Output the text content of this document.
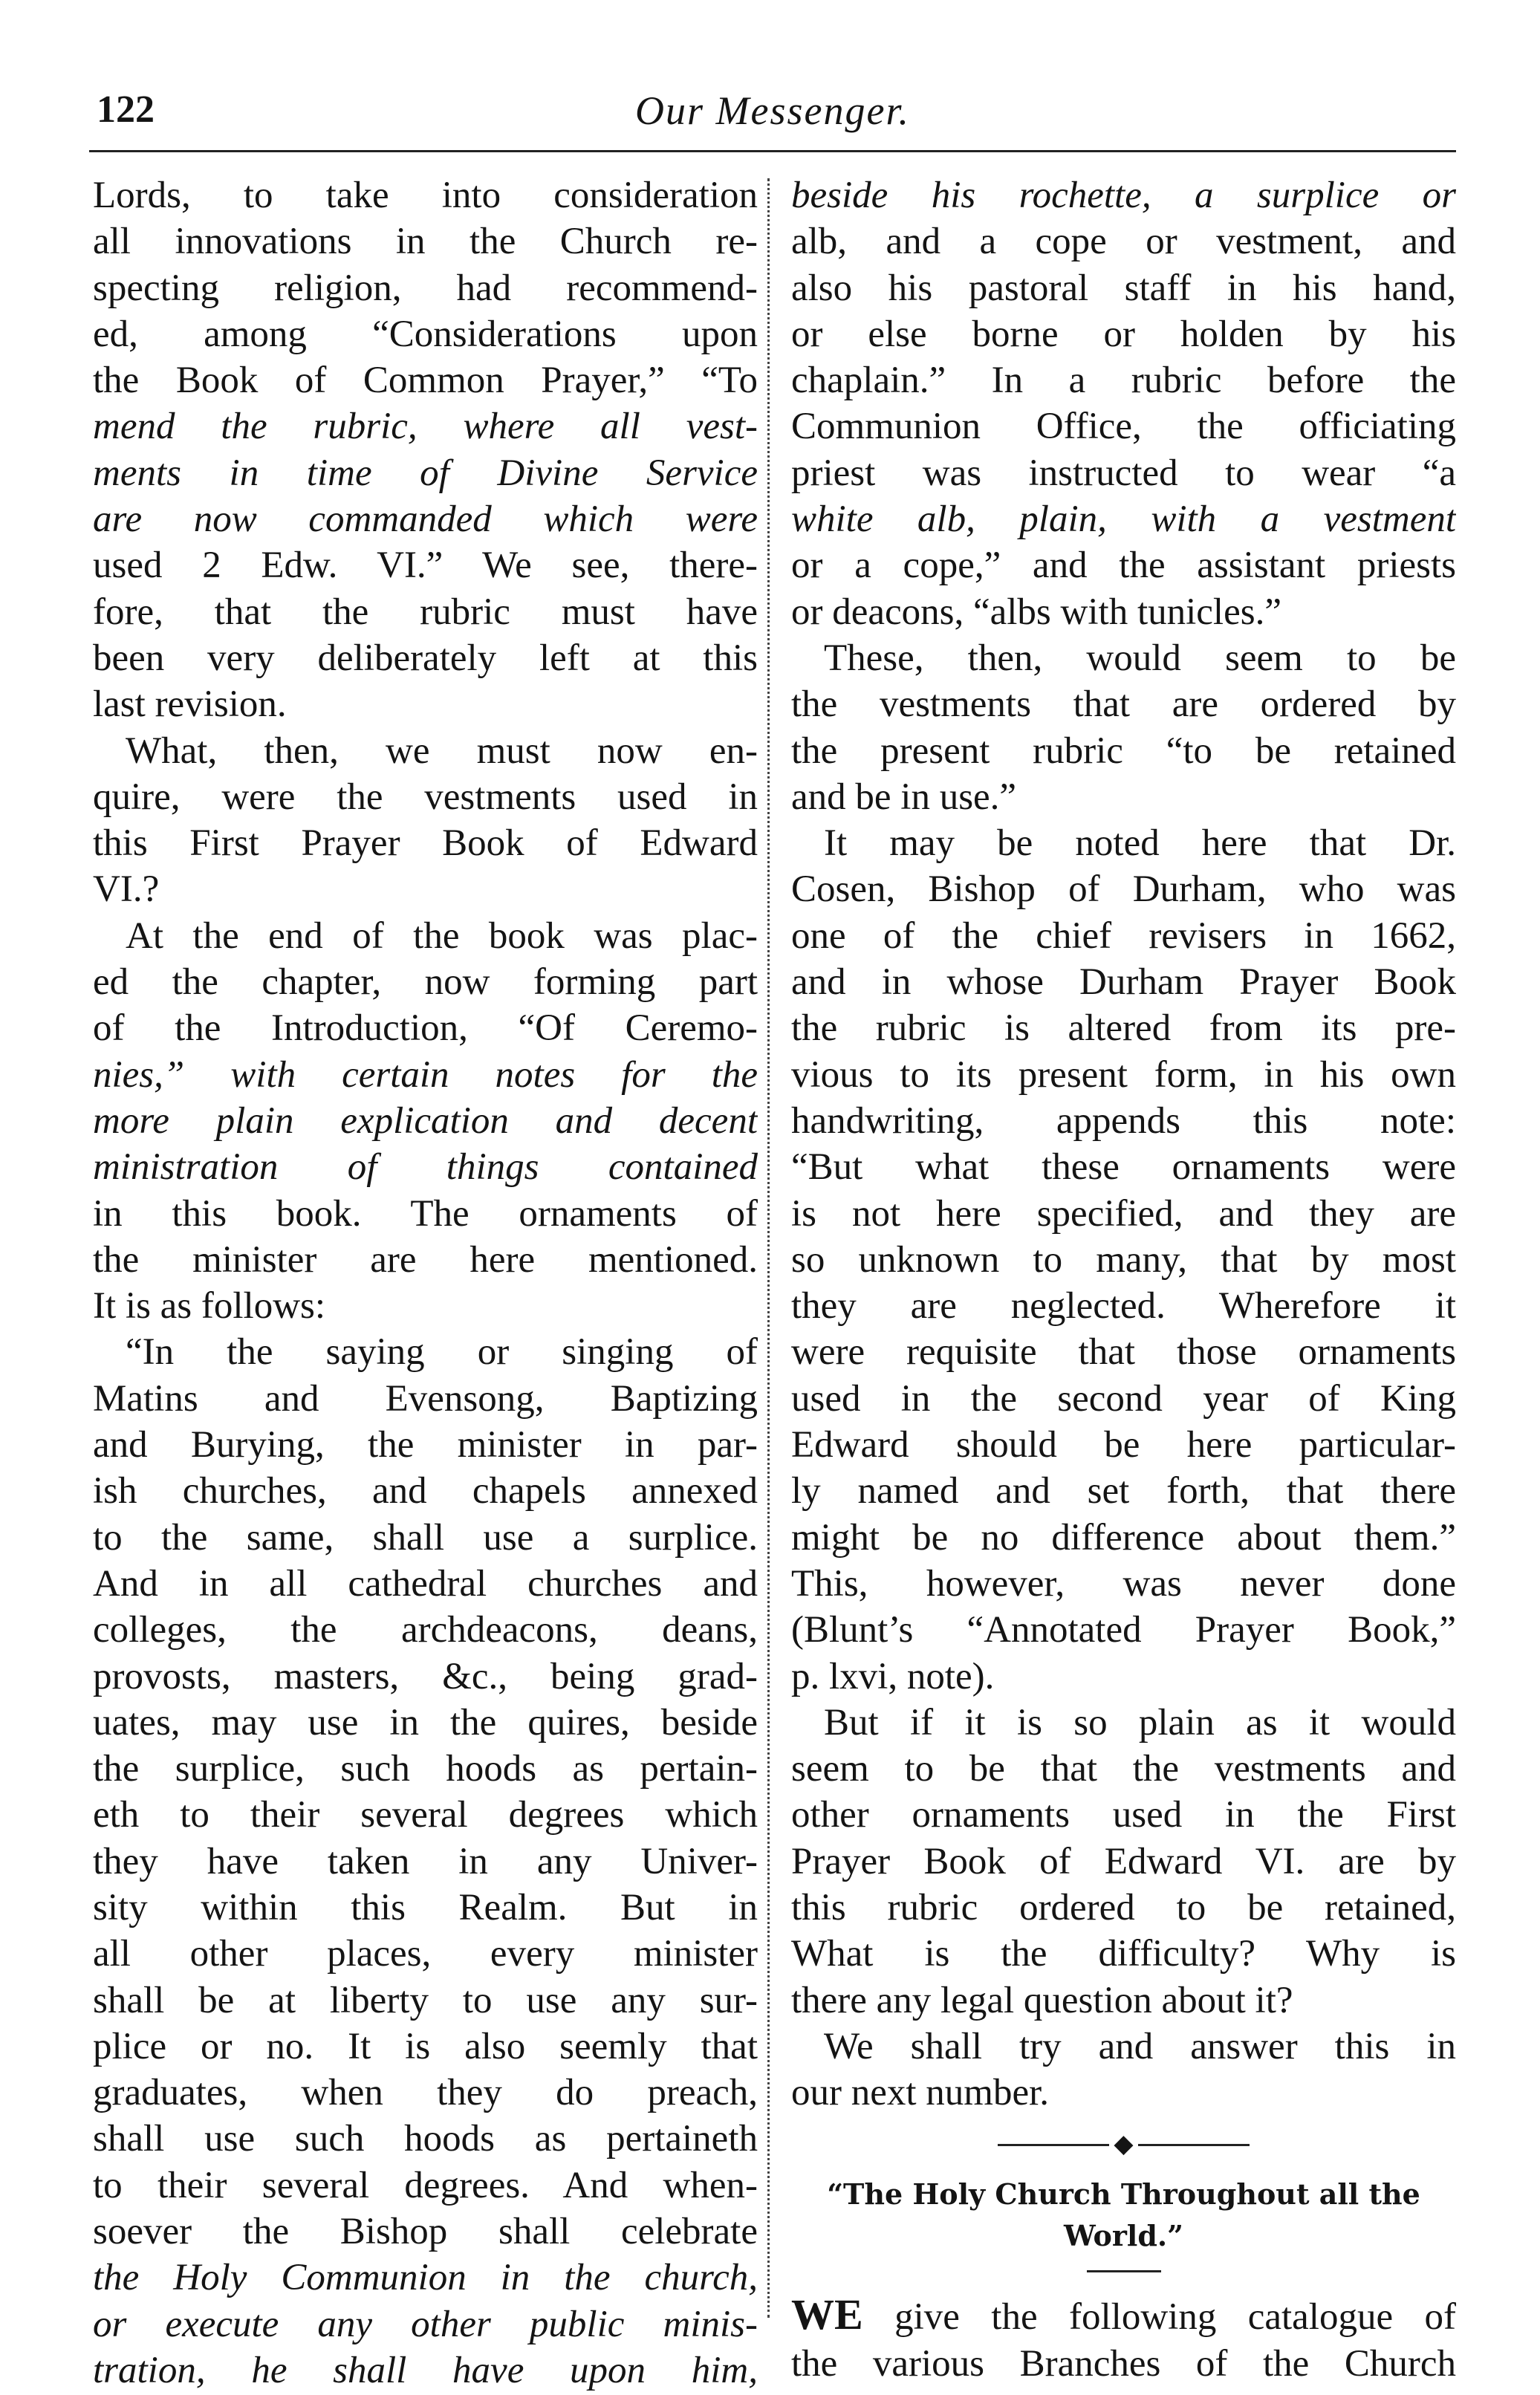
122	Our Messenger.
Lords, to take into consideration
all innovations in the Church re-
specting religion, had recommend-
ed, among “Considerations upon
the Book of Common Prayer,” “To
mend the rubric, where all vest-
ments in time of Divine Service
are now commanded which were
used 2 Edw. VI.” We see, there-
fore, that the rubric must have
been very deliberately left at this
last revision.
What, then, we must now en-
quire, were the vestments used in
this First Prayer Book of Edward
VI.?
At the end of the book was plac-
ed the chapter, now forming part
of the Introduction, “Of Ceremo-
nies,” with certain notes for the
more plain explication and decent
ministration of things contained
in this book. The ornaments of
the minister are here mentioned.
It is as follows:
“In the saying or singing of
Matins and Evensong, Baptizing
and Burying, the minister in par-
ish churches, and chapels annexed
to the same, shall use a surplice.
And in all cathedral churches and
colleges, the archdeacons, deans,
provosts, masters, &c., being grad-
uates, may use in the quires, beside
the surplice, such hoods as pertain-
eth to their several degrees which
they have taken in any Univer-
sity within this Realm. But in
all other places, every minister
shall be at liberty to use any sur-
plice or no. It is also seemly that
graduates, when they do preach,
shall use such hoods as pertaineth
to their several degrees. And when-
soever the Bishop shall celebrate
the Holy Communion in the church,
or execute any other public minis-
tration, he shall have upon him,
beside his rochette, a surplice or
alb, and a cope or vestment, and
also his pastoral staff in his hand,
or else borne or holden by his
chaplain.” In a rubric before the
Communion Office, the officiating
priest was instructed to wear “a
white alb, plain, with a vestment
or a cope,” and the assistant priests
or deacons, “albs with tunicles.”
These, then, would seem to be
the vestments that are ordered by
the present rubric “to be retained
and be in use.”
It may be noted here that Dr.
Cosen, Bishop of Durham, who was
one of the chief revisers in 1662,
and in whose Durham Prayer Book
the rubric is altered from its pre-
vious to its present form, in his own
handwriting, appends this note:
“But what these ornaments were
is not here specified, and they are
so unknown to many, that by most
they are neglected. Wherefore it
were requisite that those ornaments
used in the second year of King
Edward should be here particular-
ly named and set forth, that there
might be no difference about them.”
This, however, was never done
(Blunt’s “Annotated Prayer Book,”
p. lxvi, note).
But if it is so plain as it would
seem to be that the vestments and
other ornaments used in the First
Prayer Book of Edward VI. are by
this rubric ordered to be retained,
What is the difficulty? Why is
there any legal question about it?
We shall try and answer this in
our next number.
◆
“The Holy Church Throughout all the
World.”
WE give the following catalogue of
the various Branches of the Church
